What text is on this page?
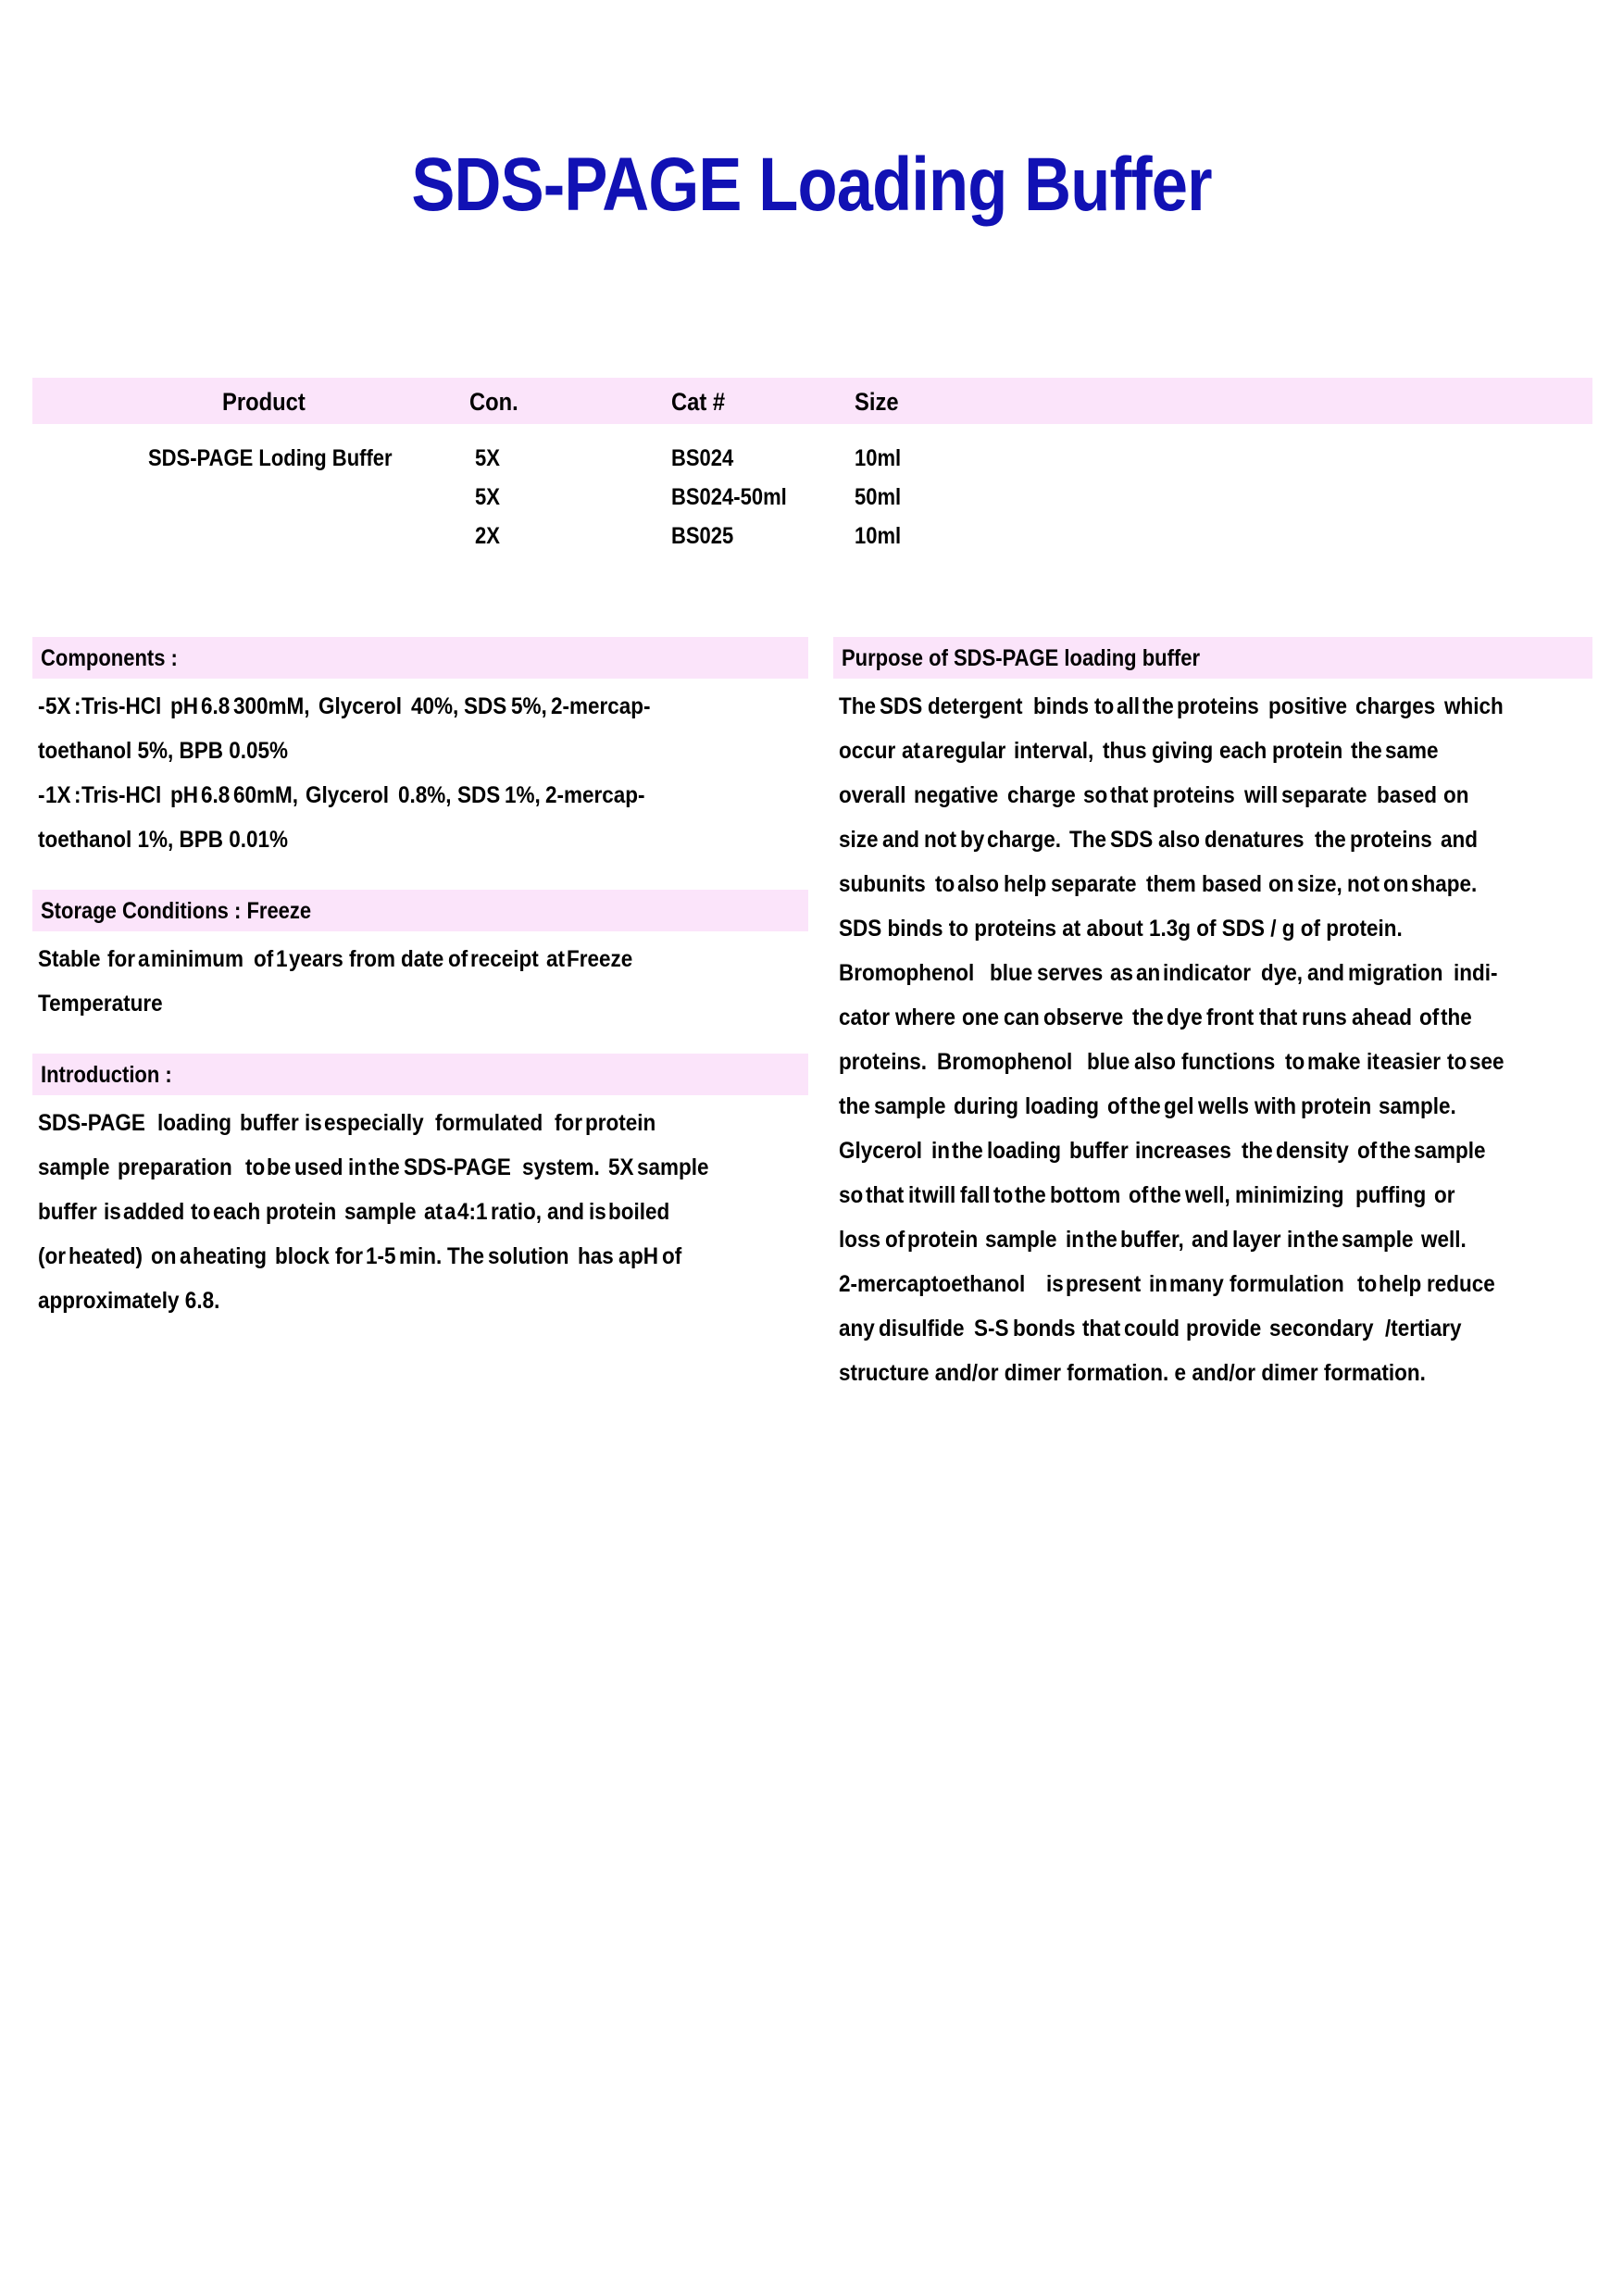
SDS-PAGE Loading Buffer
Product	Con.	Cat #	Size
SDS-PAGE Loding Buffer	5X	BS024	10ml
5X	BS024-50ml	50ml
2X	BS025	10ml
Components :
-5X :Tris-HCl pH 6.8 300mM, Glycerol 40%, SDS 5%, 2-mercap-
toethanol 5%, BPB 0.05%
-1X :Tris-HCl pH 6.8 60mM, Glycerol 0.8%, SDS 1%, 2-mercap-
toethanol 1%, BPB 0.01%
Storage Conditions : Freeze
Stable for aminimum of1years from date ofreceipt atFreeze
Temperature
Introduction :
SDS-PAGE loading buffer isespecially formulated for protein
sample preparation tobe used inthe SDS-PAGE system. 5X sample
buffer isadded toeach protein sample ata4:1 ratio, and isboiled
(or heated) on aheating block for 1-5 min. The solution has apH of
approximately 6.8.
Purpose of SDS-PAGE loading buffer
The SDS detergent binds toall the proteins positive charges which
occur ataregular interval, thus giving each protein the same
overall negative charge so that proteins will separate based on
size and not by charge. The SDS also denatures the proteins and
subunits toalso help separate them based on size, not on shape.
SDS binds to proteins at about 1.3g of SDS / g of protein.
Bromophenol blue serves as an indicator dye, and migration indi-
cator where one can observe the dye front that runs ahead ofthe
proteins. Bromophenol blue also functions tomake iteasier tosee
the sample during loading ofthe gel wells with protein sample.
Glycerol inthe loading buffer increases the density ofthe sample
so that itwill fall tothe bottom ofthe well, minimizing puffing or
loss ofprotein sample inthe buffer, and layer inthe sample well.
2-mercaptoethanol ispresent inmany formulation tohelp reduce
any disulfide S-S bonds that could provide secondary /tertiary
structure and/or dimer formation. e and/or dimer formation.
